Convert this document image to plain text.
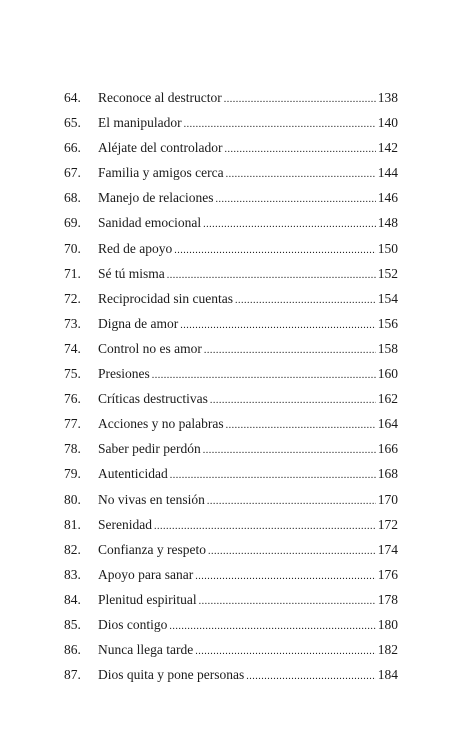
64.	Reconoce al destructor .....	138
65.	El manipulador .....	140
66.	Aléjate del controlador .....	142
67.	Familia y amigos cerca .....	144
68.	Manejo de relaciones .....	146
69.	Sanidad emocional .....	148
70.	Red de apoyo .....	150
71.	Sé tú misma .....	152
72.	Reciprocidad sin cuentas .....	154
73.	Digna de amor .....	156
74.	Control no es amor .....	158
75.	Presiones .....	160
76.	Críticas destructivas .....	162
77.	Acciones y no palabras .....	164
78.	Saber pedir perdón .....	166
79.	Autenticidad .....	168
80.	No vivas en tensión .....	170
81.	Serenidad .....	172
82.	Confianza y respeto .....	174
83.	Apoyo para sanar .....	176
84.	Plenitud espiritual .....	178
85.	Dios contigo .....	180
86.	Nunca llega tarde .....	182
87.	Dios quita y pone personas .....	184
